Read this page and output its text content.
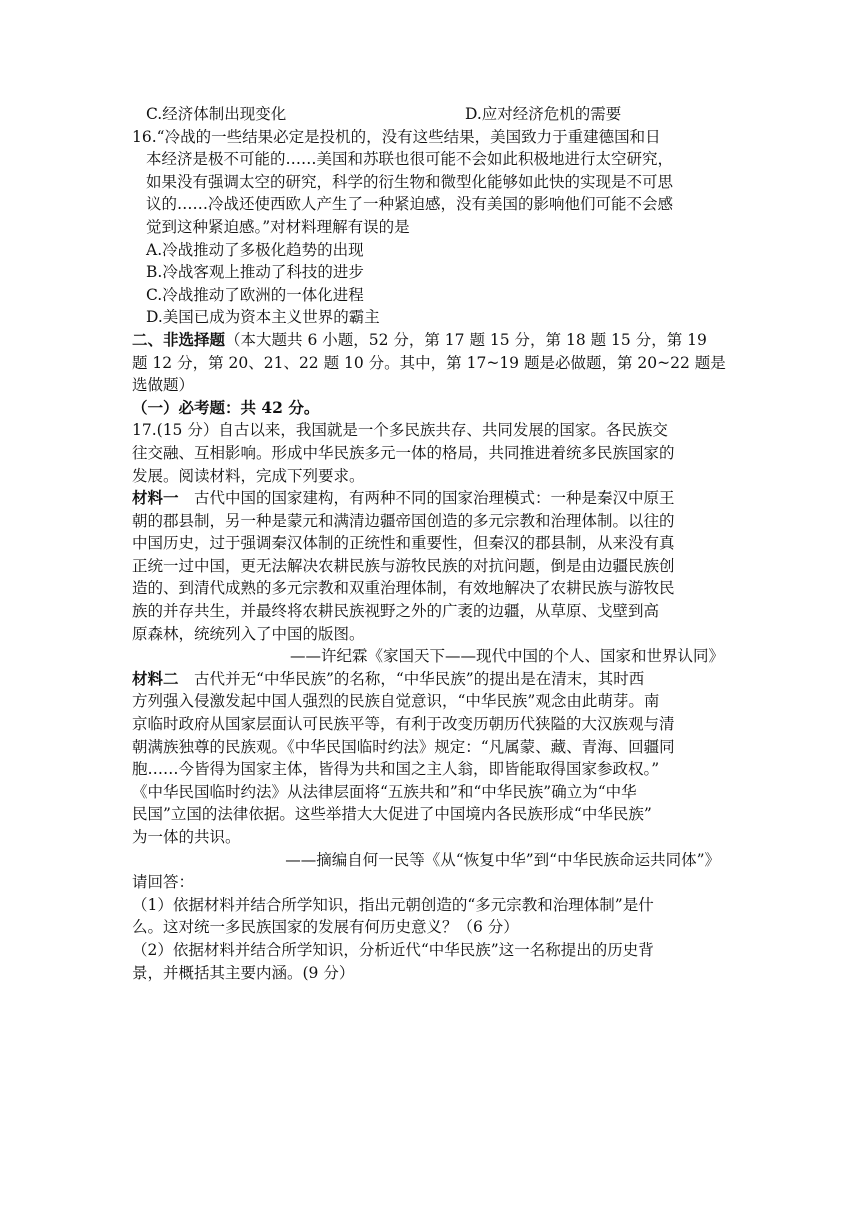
C.经济体制出现变化	D.应对经济危机的需要

16.“冷战的一些结果必定是投机的，没有这些结果，美国致力于重建德国和日

本经济是极不可能的……美国和苏联也很可能不会如此积极地进行太空研究，

如果没有强调太空的研究，科学的衍生物和微型化能够如此快的实现是不可思

议的……冷战还使西欧人产生了一种紧迫感，没有美国的影响他们可能不会感

觉到这种紧迫感。”对材料理解有误的是

A.冷战推动了多极化趋势的出现

B.冷战客观上推动了科技的进步

C.冷战推动了欧洲的一体化进程

D.美国已成为资本主义世界的霸主

二、非选择题（本大题共 6 小题，52 分，第 17 题 15 分，第 18 题 15 分，第 19

题 12 分，第 20、21、22 题 10 分。其中，第 17~19 题是必做题，第 20~22 题是

选做题）

（一）必考题：共 42 分。

17.(15 分）自古以来，我国就是一个多民族共存、共同发展的国家。各民族交

往交融、互相影响。形成中华民族多元一体的格局，共同推进着统多民族国家的

发展。阅读材料，完成下列要求。

材料一　古代中国的国家建构，有两种不同的国家治理模式：一种是秦汉中原王

朝的郡县制，另一种是蒙元和满清边疆帝国创造的多元宗教和治理体制。以往的

中国历史，过于强调秦汉体制的正统性和重要性，但秦汉的郡县制，从来没有真

正统一过中国，更无法解决农耕民族与游牧民族的对抗问题，倒是由边疆民族创

造的、到清代成熟的多元宗教和双重治理体制，有效地解决了农耕民族与游牧民

族的并存共生，并最终将农耕民族视野之外的广袤的边疆，从草原、戈壁到高

原森林，统统列入了中国的版图。

——许纪霖《家国天下——现代中国的个人、国家和世界认同》

材料二　古代并无“中华民族”的名称，“中华民族”的提出是在清末，其时西

方列强入侵激发起中国人强烈的民族自觉意识，“中华民族”观念由此萌芽。南

京临时政府从国家层面认可民族平等，有利于改变历朝历代狭隘的大汉族观与清

朝满族独尊的民族观。《中华民国临时约法》规定：“凡属蒙、藏、青海、回疆同

胞……今皆得为国家主体，皆得为共和国之主人翁，即皆能取得国家参政权。”

《中华民国临时约法》从法律层面将“五族共和”和“中华民族”确立为“中华

民国”立国的法律依据。这些举措大大促进了中国境内各民族形成“中华民族”

为一体的共识。

——摘编自何一民等《从“恢复中华”到“中华民族命运共同体”》

请回答：

（1）依据材料并结合所学知识，指出元朝创造的“多元宗教和治理体制”是什

么。这对统一多民族国家的发展有何历史意义？（6 分）

（2）依据材料并结合所学知识，分析近代“中华民族”这一名称提出的历史背

景，并概括其主要内涵。(9 分）
